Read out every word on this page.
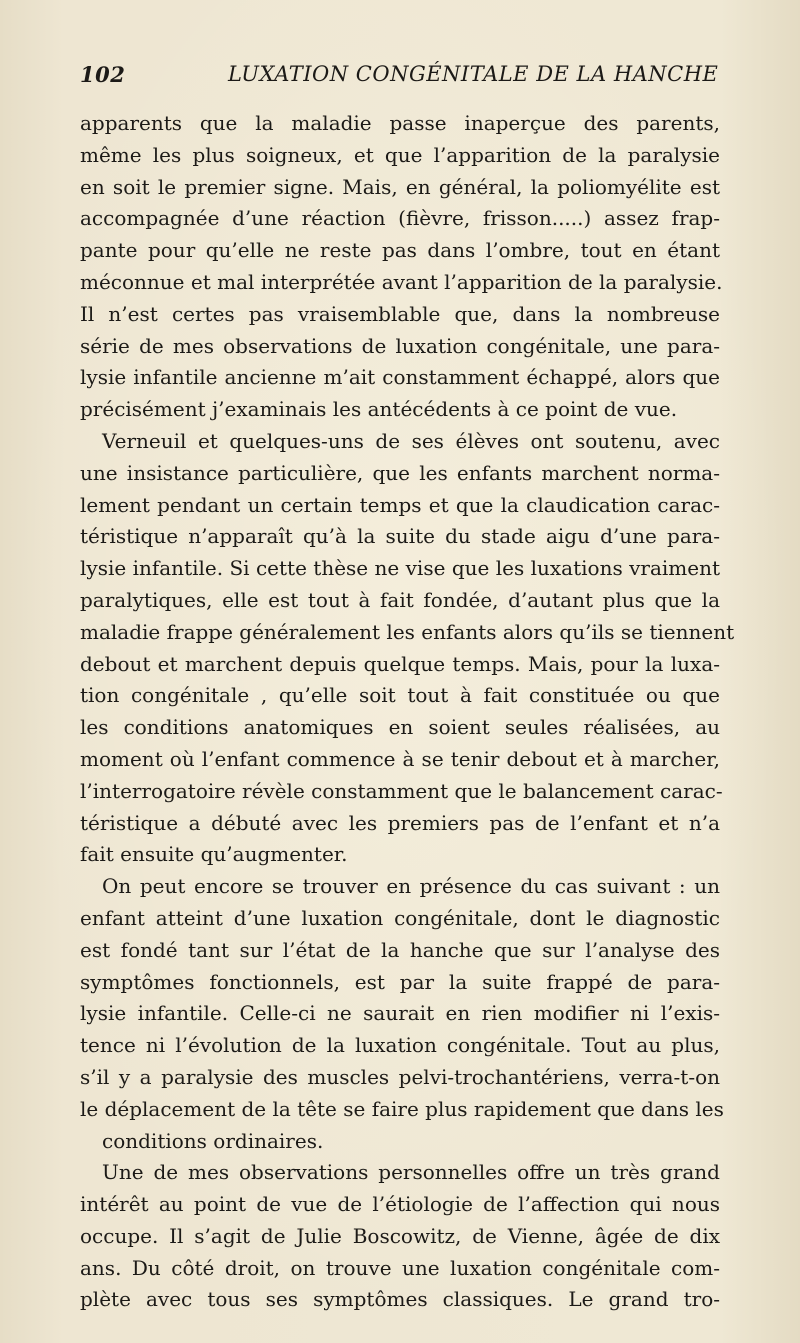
102	LUXATION CONGÉNITALE DE LA HANCHE
apparents que la maladie passe inaperçue des parents,
même les plus soigneux, et que l’apparition de la paralysie
en soit le premier signe. Mais, en général, la poliomyélite est
accompagnée d’une réaction (fièvre, frisson.....) assez frap-
pante pour qu’elle ne reste pas dans l’ombre, tout en étant
méconnue et mal interprétée avant l’apparition de la paralysie.
Il n’est certes pas vraisemblable que, dans la nombreuse
série de mes observations de luxation congénitale, une para-
lysie infantile ancienne m’ait constamment échappé, alors que
précisément j’examinais les antécédents à ce point de vue.
Verneuil et quelques-uns de ses élèves ont soutenu, avec
une insistance particulière, que les enfants marchent norma-
lement pendant un certain temps et que la claudication carac-
téristique n’apparaît qu’à la suite du stade aigu d’une para-
lysie infantile. Si cette thèse ne vise que les luxations vraiment
paralytiques, elle est tout à fait fondée, d’autant plus que la
maladie frappe généralement les enfants alors qu’ils se tiennent
debout et marchent depuis quelque temps. Mais, pour la luxa-
tion congénitale , qu’elle soit tout à fait constituée ou que
les conditions anatomiques en soient seules réalisées, au
moment où l’enfant commence à se tenir debout et à marcher,
l’interrogatoire révèle constamment que le balancement carac-
téristique a débuté avec les premiers pas de l’enfant et n’a
fait ensuite qu’augmenter.
On peut encore se trouver en présence du cas suivant : un
enfant atteint d’une luxation congénitale, dont le diagnostic
est fondé tant sur l’état de la hanche que sur l’analyse des
symptômes fonctionnels, est par la suite frappé de para-
lysie infantile. Celle-ci ne saurait en rien modifier ni l’exis-
tence ni l’évolution de la luxation congénitale. Tout au plus,
s’il y a paralysie des muscles pelvi-trochantériens, verra-t-on
le déplacement de la tête se faire plus rapidement que dans les
conditions ordinaires.
Une de mes observations personnelles offre un très grand
intérêt au point de vue de l’étiologie de l’affection qui nous
occupe. Il s’agit de Julie Boscowitz, de Vienne, âgée de dix
ans. Du côté droit, on trouve une luxation congénitale com-
plète avec tous ses symptômes classiques. Le grand tro-
